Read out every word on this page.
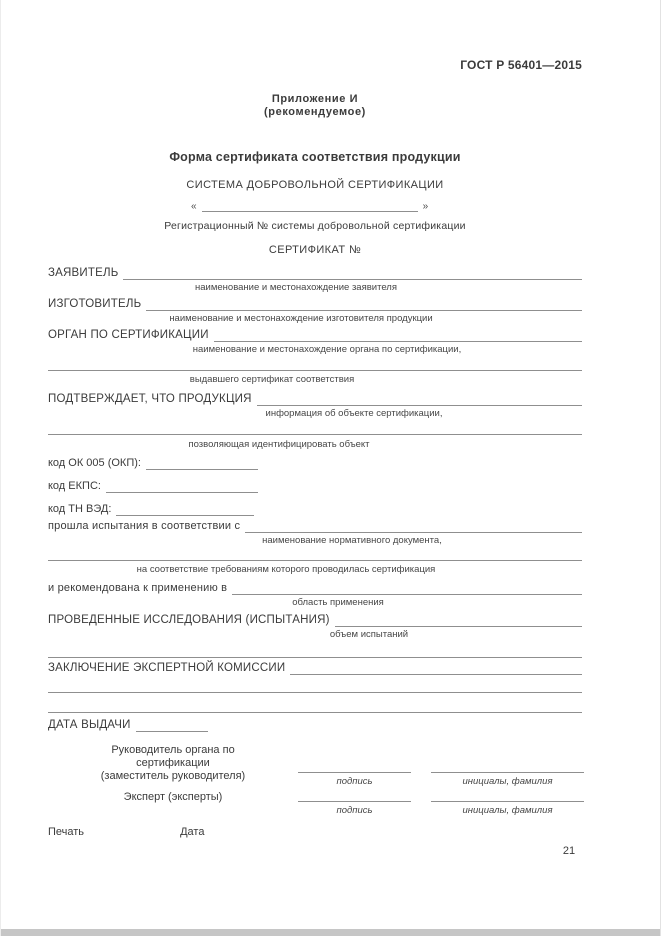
ГОСТ Р 56401—2015
Приложение И
(рекомендуемое)
Форма сертификата соответствия продукции
СИСТЕМА ДОБРОВОЛЬНОЙ СЕРТИФИКАЦИИ
«	»
Регистрационный № системы добровольной сертификации
СЕРТИФИКАТ №
ЗАЯВИТЕЛЬ
наименование и местонахождение заявителя
ИЗГОТОВИТЕЛЬ
наименование и местонахождение изготовителя продукции
ОРГАН ПО СЕРТИФИКАЦИИ
наименование и местонахождение органа по сертификации,
выдавшего сертификат соответствия
ПОДТВЕРЖДАЕТ, ЧТО ПРОДУКЦИЯ
информация об объекте сертификации,
позволяющая идентифицировать объект
код ОК 005 (ОКП):
код ЕКПС:
код ТН ВЭД:
прошла испытания в соответствии с
наименование нормативного документа,
на соответствие требованиям которого проводилась сертификация
и рекомендована к применению в
область применения
ПРОВЕДЕННЫЕ ИССЛЕДОВАНИЯ (ИСПЫТАНИЯ)
объем испытаний
ЗАКЛЮЧЕНИЕ ЭКСПЕРТНОЙ КОМИССИИ
ДАТА ВЫДАЧИ
Руководитель органа по сертификации
(заместитель руководителя)	подпись	инициалы, фамилия
Эксперт (эксперты)
подпись	инициалы, фамилия
Печать	Дата
21
